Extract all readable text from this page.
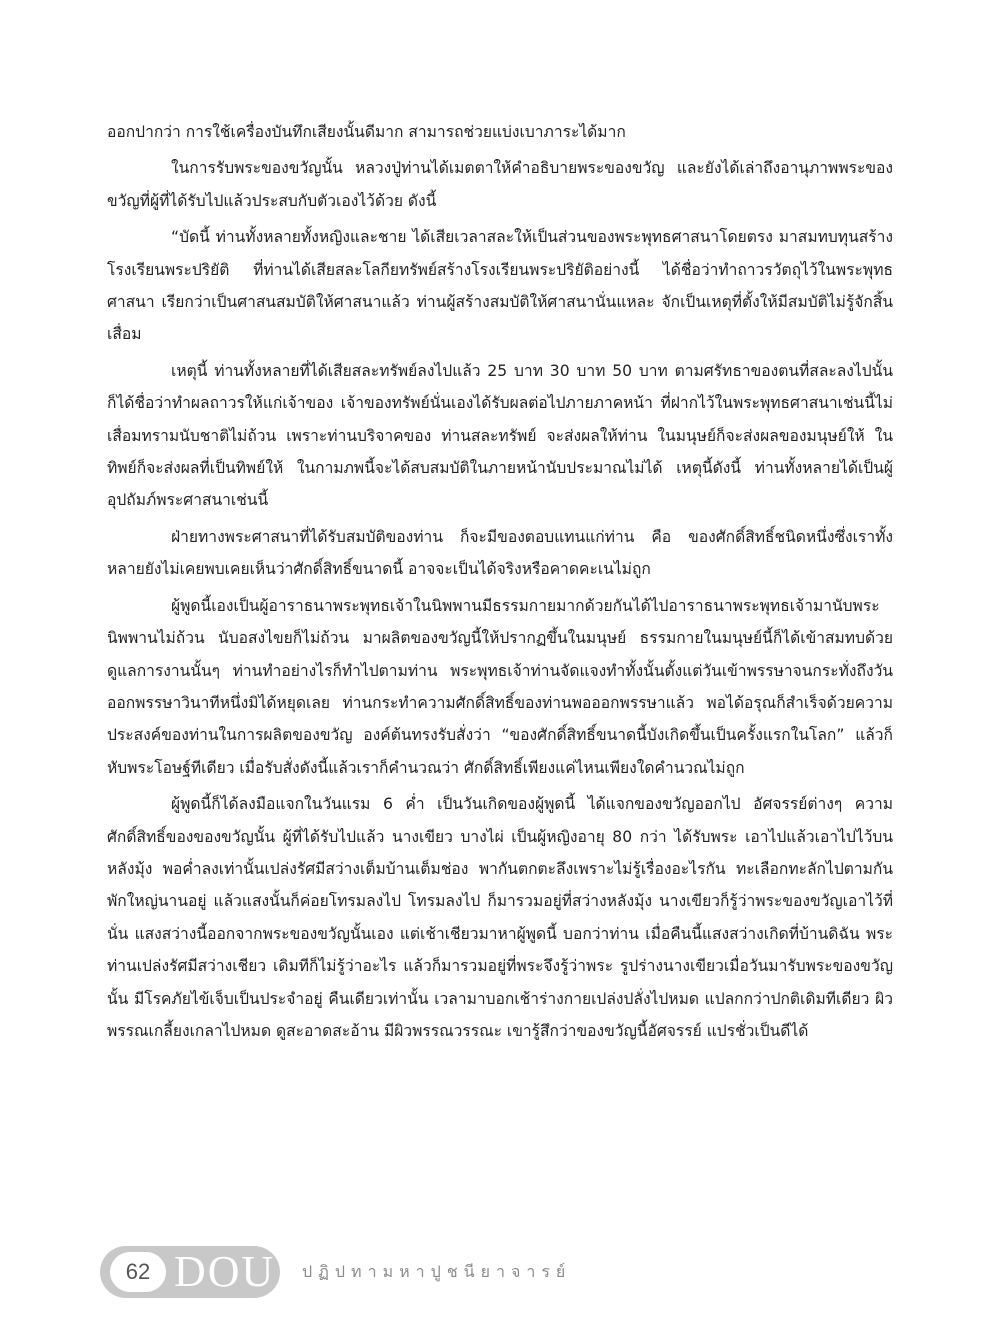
ออกปากว่า การใช้เครื่องบันทึกเสียงนั้นดีมาก สามารถช่วยแบ่งเบาภาระได้มาก

ในการรับพระของขวัญนั้น หลวงปู่ท่านได้เมตตาให้คำอธิบายพระของขวัญ และยังได้เล่าถึงอานุภาพพระของขวัญที่ผู้ที่ได้รับไปแล้วประสบกับตัวเองไว้ด้วย ดังนี้

“บัดนี้ ท่านทั้งหลายทั้งหญิงและชาย ได้เสียเวลาสละให้เป็นส่วนของพระพุทธศาสนาโดยตรง มาสมทบทุนสร้างโรงเรียนพระปริยัติ ที่ท่านได้เสียสละโลกียทรัพย์สร้างโรงเรียนพระปริยัติอย่างนี้ ได้ชื่อว่าทำถาวรวัตถุไว้ในพระพุทธศาสนา เรียกว่าเป็นศาสนสมบัติให้ศาสนาแล้ว ท่านผู้สร้างสมบัติให้ศาสนานั่นแหละ จักเป็นเหตุที่ตั้งให้มีสมบัติไม่รู้จักสิ้นเสื่อม

เหตุนี้ ท่านทั้งหลายที่ได้เสียสละทรัพย์ลงไปแล้ว 25 บาท 30 บาท 50 บาท ตามศรัทธาของตนที่สละลงไปนั้น ก็ได้ชื่อว่าทำผลถาวรให้แก่เจ้าของ เจ้าของทรัพย์นั่นเองได้รับผลต่อไปภายภาคหน้า ที่ฝากไว้ในพระพุทธศาสนาเช่นนี้ไม่เสื่อมทรามนับชาติไม่ถ้วน เพราะท่านบริจาคของ ท่านสละทรัพย์ จะส่งผลให้ท่าน ในมนุษย์ก็จะส่งผลของมนุษย์ให้ ในทิพย์ก็จะส่งผลที่เป็นทิพย์ให้ ในกามภพนี้จะได้สบสมบัติในภายหน้านับประมาณไม่ได้ เหตุนี้ดังนี้ ท่านทั้งหลายได้เป็นผู้อุปถัมภ์พระศาสนาเช่นนี้

ฝ่ายทางพระศาสนาที่ได้รับสมบัติของท่าน ก็จะมีของตอบแทนแก่ท่าน คือ ของศักดิ์สิทธิ์ชนิดหนึ่งซึ่งเราทั้งหลายยังไม่เคยพบเคยเห็นว่าศักดิ์สิทธิ์ขนาดนี้ อาจจะเป็นได้จริงหรือคาดคะเนไม่ถูก

ผู้พูดนี้เองเป็นผู้อาราธนาพระพุทธเจ้าในนิพพานมีธรรมกายมากด้วยกันได้ไปอาราธนาพระพุทธเจ้ามานับพระนิพพานไม่ถ้วน นับอสงไขยก็ไม่ถ้วน มาผลิตของขวัญนี้ให้ปรากฏขึ้นในมนุษย์ ธรรมกายในมนุษย์นี้ก็ได้เข้าสมทบด้วยดูแลการงานนั้นๆ ท่านทำอย่างไรก็ทำไปตามท่าน พระพุทธเจ้าท่านจัดแจงทำทั้งนั้นตั้งแต่วันเข้าพรรษาจนกระทั่งถึงวันออกพรรษาวินาทีหนึ่งมิได้หยุดเลย ท่านกระทำความศักดิ์สิทธิ์ของท่านพอออกพรรษาแล้ว พอได้อรุณก็สำเร็จด้วยความประสงค์ของท่านในการผลิตของขวัญ องค์ต้นทรงรับสั่งว่า “ของศักดิ์สิทธิ์ขนาดนี้บังเกิดขึ้นเป็นครั้งแรกในโลก” แล้วก็หับพระโอษฐ์ทีเดียว เมื่อรับสั่งดังนี้แล้วเราก็คำนวณว่า ศักดิ์สิทธิ์เพียงแค่ไหนเพียงใดคำนวณไม่ถูก

ผู้พูดนี้ก็ได้ลงมือแจกในวันแรม 6 ค่ำ เป็นวันเกิดของผู้พูดนี้ ได้แจกของขวัญออกไป อัศจรรย์ต่างๆ ความศักดิ์สิทธิ์ของของขวัญนั้น ผู้ที่ได้รับไปแล้ว นางเขียว บางไผ่ เป็นผู้หญิงอายุ 80 กว่า ได้รับพระ เอาไปแล้วเอาไปไว้บนหลังมุ้ง พอค่ำลงเท่านั้นเปล่งรัศมีสว่างเต็มบ้านเต็มช่อง พากันตกตะลึงเพราะไม่รู้เรื่องอะไรกัน ทะเลือกทะลักไปตามกันพักใหญ่นานอยู่ แล้วแสงนั้นก็ค่อยโทรมลงไป โทรมลงไป ก็มารวมอยู่ที่สว่างหลังมุ้ง นางเขียวก็รู้ว่าพระของขวัญเอาไว้ที่นั่น แสงสว่างนี้ออกจากพระของขวัญนั้นเอง แต่เช้าเชียวมาหาผู้พูดนี้ บอกว่าท่าน เมื่อคืนนี้แสงสว่างเกิดที่บ้านดิฉัน พระท่านเปล่งรัศมีสว่างเชียว เดิมทีก็ไม่รู้ว่าอะไร แล้วก็มารวมอยู่ที่พระจึงรู้ว่าพระ รูปร่างนางเขียวเมื่อวันมารับพระของขวัญนั้น มีโรคภัยไข้เจ็บเป็นประจำอยู่ คืนเดียวเท่านั้น เวลามาบอกเช้าร่างกายเปล่งปลั่งไปหมด แปลกกว่าปกติเดิมทีเดียว ผิวพรรณเกลี้ยงเกลาไปหมด ดูสะอาดสะอ้าน มีผิวพรรณวรรณะ เขารู้สึกว่าของขวัญนี้อัศจรรย์ แปรชั่วเป็นดีได้

62 DOU ปฏิปทามหาปูชนียาจารย์
